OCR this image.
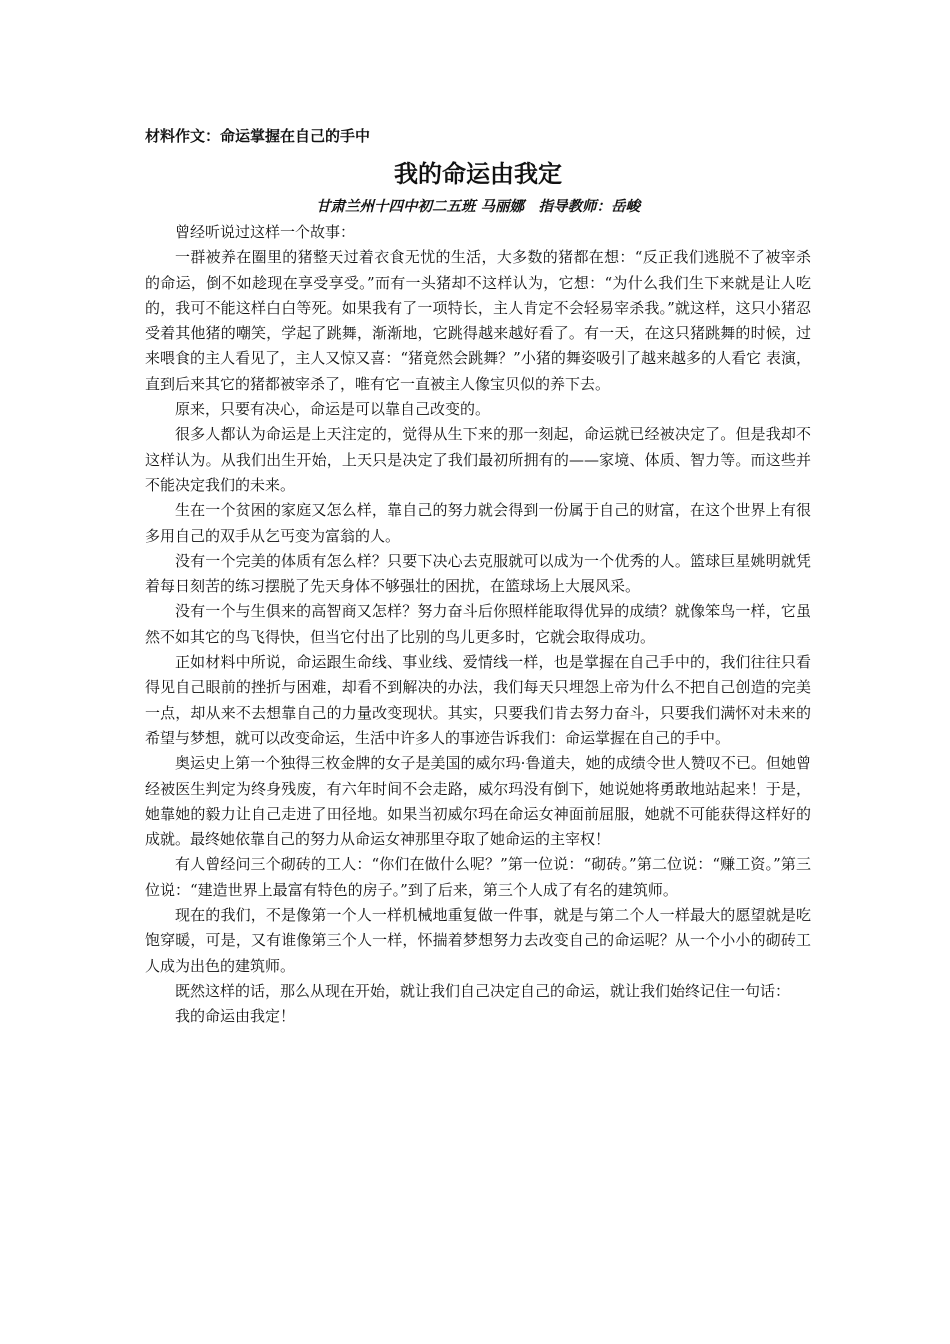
材料作文：命运掌握在自己的手中
我的命运由我定
甘肃兰州十四中初二五班 马丽娜　指导教师：岳峻

曾经听说过这样一个故事：

一群被养在圈里的猪整天过着衣食无忧的生活，大多数的猪都在想：“反正我们逃脱不了被宰杀的命运，倒不如趁现在享受享受。”而有一头猪却不这样认为，它想：“为什么我们生下来就是让人吃的，我可不能这样白白等死。如果我有了一项特长，主人肯定不会轻易宰杀我。”就这样，这只小猪忍受着其他猪的嘲笑，学起了跳舞，渐渐地，它跳得越来越好看了。有一天，在这只猪跳舞的时候，过来喂食的主人看见了，主人又惊又喜：“猪竟然会跳舞？”小猪的舞姿吸引了越来越多的人看它 表演，直到后来其它的猪都被宰杀了，唯有它一直被主人像宝贝似的养下去。

原来，只要有决心，命运是可以靠自己改变的。

很多人都认为命运是上天注定的，觉得从生下来的那一刻起，命运就已经被决定了。但是我却不这样认为。从我们出生开始，上天只是决定了我们最初所拥有的——家境、体质、智力等。而这些并不能决定我们的未来。

生在一个贫困的家庭又怎么样，靠自己的努力就会得到一份属于自己的财富，在这个世界上有很多用自己的双手从乞丐变为富翁的人。

没有一个完美的体质有怎么样？只要下决心去克服就可以成为一个优秀的人。篮球巨星姚明就凭着每日刻苦的练习摆脱了先天身体不够强壮的困扰，在篮球场上大展风采。

没有一个与生俱来的高智商又怎样？努力奋斗后你照样能取得优异的成绩？就像笨鸟一样，它虽然不如其它的鸟飞得快，但当它付出了比别的鸟儿更多时，它就会取得成功。

正如材料中所说，命运跟生命线、事业线、爱情线一样，也是掌握在自己手中的，我们往往只看得见自己眼前的挫折与困难，却看不到解决的办法，我们每天只埋怨上帝为什么不把自己创造的完美一点，却从来不去想靠自己的力量改变现状。其实，只要我们肯去努力奋斗，只要我们满怀对未来的希望与梦想，就可以改变命运，生活中许多人的事迹告诉我们：命运掌握在自己的手中。

奥运史上第一个独得三枚金牌的女子是美国的威尔玛·鲁道夫，她的成绩令世人赞叹不已。但她曾经被医生判定为终身残废，有六年时间不会走路，威尔玛没有倒下，她说她将勇敢地站起来！于是，她靠她的毅力让自己走进了田径地。如果当初威尔玛在命运女神面前屈服，她就不可能获得这样好的成就。最终她依靠自己的努力从命运女神那里夺取了她命运的主宰权！

有人曾经问三个砌砖的工人：“你们在做什么呢？”第一位说：“砌砖。”第二位说：“赚工资。”第三位说：“建造世界上最富有特色的房子。”到了后来，第三个人成了有名的建筑师。

现在的我们，不是像第一个人一样机械地重复做一件事，就是与第二个人一样最大的愿望就是吃饱穿暖，可是，又有谁像第三个人一样，怀揣着梦想努力去改变自己的命运呢？从一个小小的砌砖工人成为出色的建筑师。

既然这样的话，那么从现在开始，就让我们自己决定自己的命运，就让我们始终记住一句话：

我的命运由我定！
